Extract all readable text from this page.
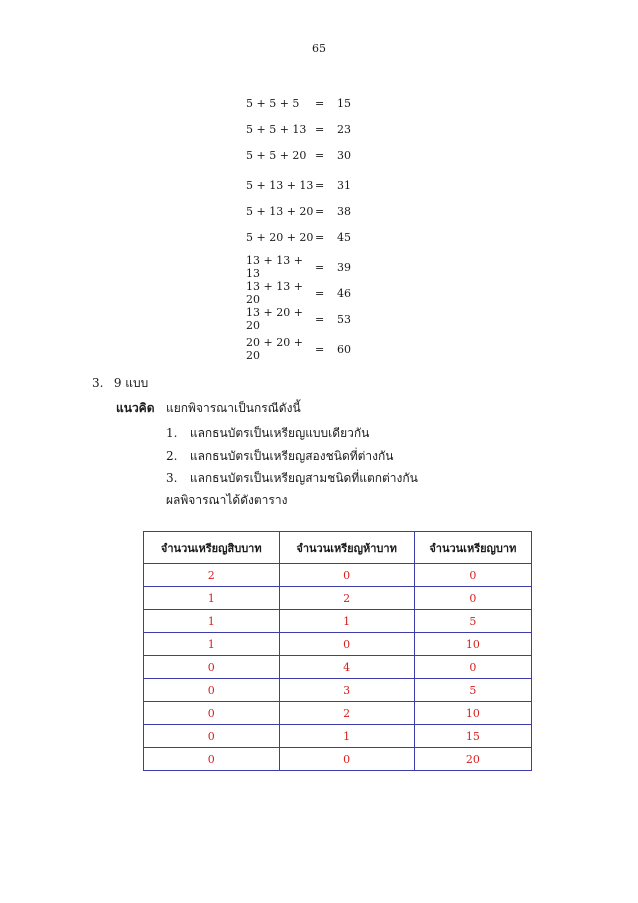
65
5 + 5 + 5	=	15
5 + 5 + 13 =	23
5 + 5 + 20 =	30
5 + 13 + 13 =	31
5 + 13 + 20 =	38
5 + 20 + 20 =	45
13 + 13 + 13	=	39
13 + 13 + 20	=	46
13 + 20 + 20	=	53
20 + 20 + 20	=	60
3. 9 แบบ
แนวคิด แยกพิจารณาเป็นกรณีดังนี้
1. แลกธนบัตรเป็นเหรียญแบบเดียวกัน
2. แลกธนบัตรเป็นเหรียญสองชนิดที่ต่างกัน
3. แลกธนบัตรเป็นเหรียญสามชนิดที่แตกต่างกัน
ผลพิจารณาได้ดังตาราง
จำนวนเหรียญสิบบาท	จำนวนเหรียญห้าบาท	จำนวนเหรียญบาท
2	0	0
1	2	0
1	1	5
1	0	10
0	4	0
0	3	5
0	2	10
0	1	15
0	0	20
